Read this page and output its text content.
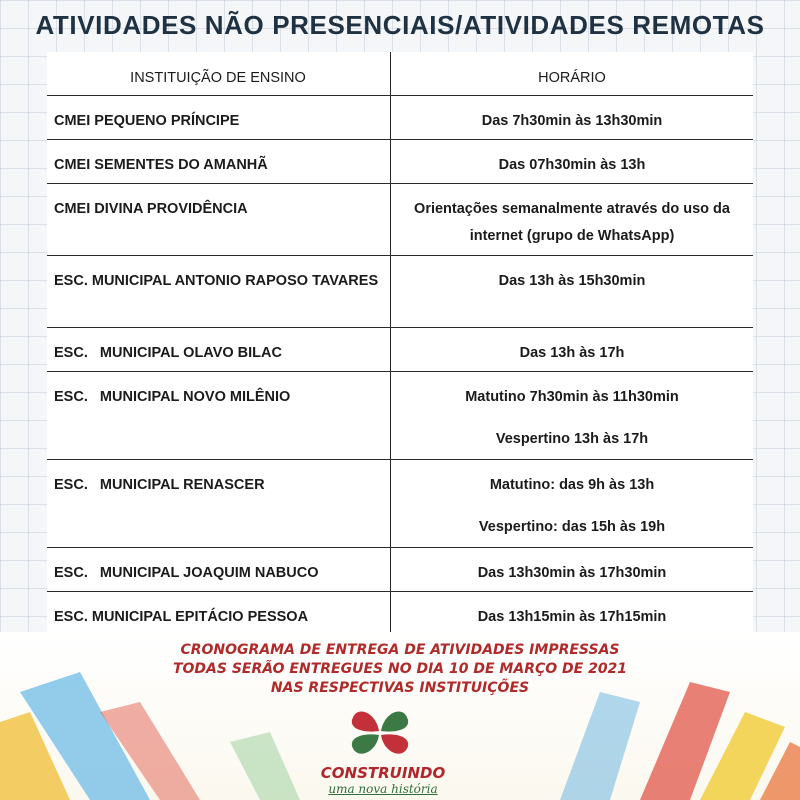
ATIVIDADES NÃO PRESENCIAIS/ATIVIDADES REMOTAS
INSTITUIÇÃO DE ENSINO	HORÁRIO
CMEI PEQUENO PRÍNCIPE	Das 7h30min às 13h30min
CMEI SEMENTES DO AMANHÃ	Das 07h30min às 13h
CMEI DIVINA PROVIDÊNCIA	Orientações semanalmente através do uso da internet (grupo de WhatsApp)
ESC. MUNICIPAL ANTONIO RAPOSO TAVARES	Das 13h às 15h30min
ESC.   MUNICIPAL OLAVO BILAC	Das 13h às 17h
ESC.   MUNICIPAL NOVO MILÊNIO	Matutino 7h30min às 11h30min
Vespertino 13h às 17h
ESC.   MUNICIPAL RENASCER	Matutino: das 9h às 13h
Vespertino: das 15h às 19h
ESC.   MUNICIPAL JOAQUIM NABUCO	Das 13h30min às 17h30min
ESC. MUNICIPAL EPITÁCIO PESSOA	Das 13h15min às 17h15min
CRONOGRAMA DE ENTREGA DE ATIVIDADES IMPRESSAS
TODAS SERÃO ENTREGUES NO DIA 10 DE MARÇO DE 2021
NAS RESPECTIVAS INSTITUIÇÕES
CONSTRUINDO
uma nova história
